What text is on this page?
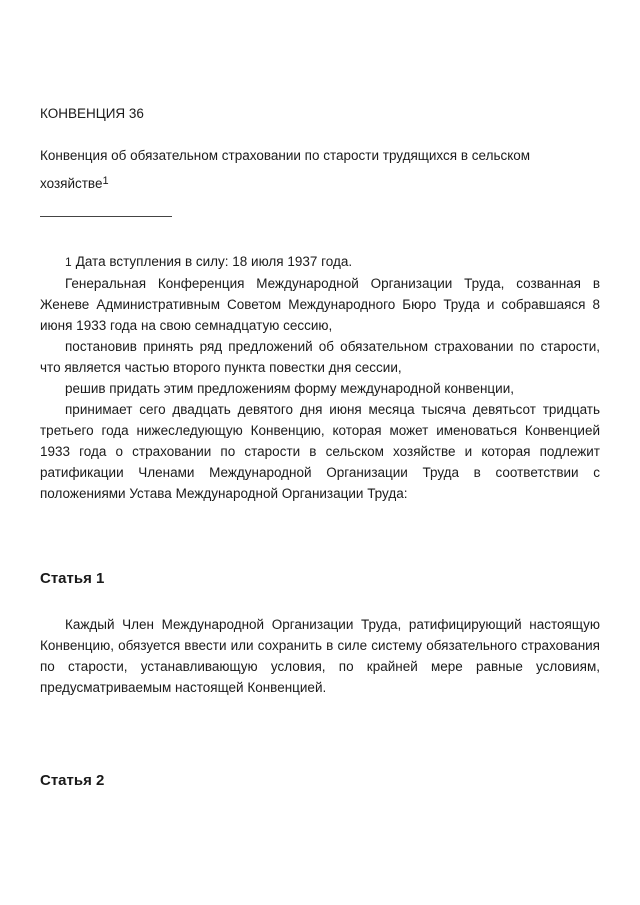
КОНВЕНЦИЯ 36

Конвенция об обязательном страховании по старости трудящихся в сельском хозяйстве$^1$

1 Дата вступления в силу: 18 июля 1937 года.

Генеральная Конференция Международной Организации Труда, созванная в Женеве Административным Советом Международного Бюро Труда и собравшаяся 8 июня 1933 года на свою семнадцатую сессию,

постановив принять ряд предложений об обязательном страховании по старости, что является частью второго пункта повестки дня сессии,

решив придать этим предложениям форму международной конвенции,

принимает сего двадцать девятого дня июня месяца тысяча девятьсот тридцать третьего года нижеследующую Конвенцию, которая может именоваться Конвенцией 1933 года о страховании по старости в сельском хозяйстве и которая подлежит ратификации Членами Международной Организации Труда в соответствии с положениями Устава Международной Организации Труда:

Статья 1

Каждый Член Международной Организации Труда, ратифицирующий настоящую Конвенцию, обязуется ввести или сохранить в силе систему обязательного страхования по старости, устанавливающую условия, по крайней мере равные условиям, предусматриваемым настоящей Конвенцией.

Статья 2
